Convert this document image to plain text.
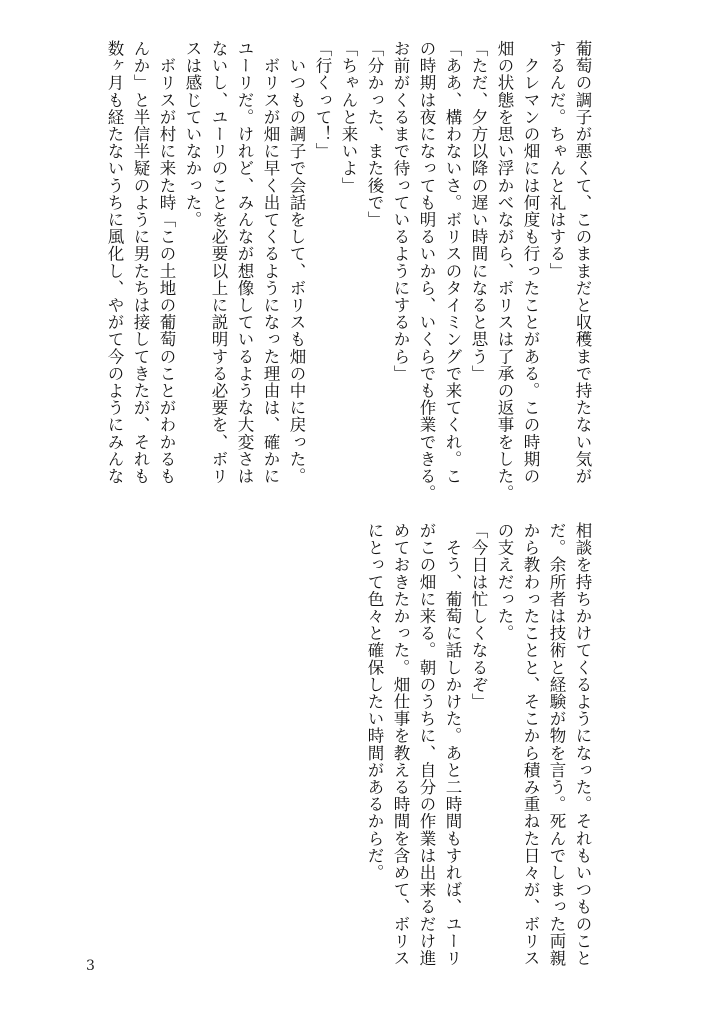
葡萄の調子が悪くて、このままだと収穫まで持たない気が
するんだ。ちゃんと礼はする」
　クレマンの畑には何度も行ったことがある。この時期の
畑の状態を思い浮かべながら、ボリスは了承の返事をした。
「ただ、夕方以降の遅い時間になると思う」
「ああ、構わないさ。ボリスのタイミングで来てくれ。こ
の時期は夜になっても明るいから、いくらでも作業できる。
お前がくるまで待っているようにするから」
「分かった、また後で」
「ちゃんと来いよ」
「行くって！」
　いつもの調子で会話をして、ボリスも畑の中に戻った。
　ボリスが畑に早く出てくるようになった理由は、確かに
ユーリだ。けれど、みんなが想像しているような大変さは
ないし、ユーリのことを必要以上に説明する必要を、ボリ
スは感じていなかった。
　ボリスが村に来た時「この土地の葡萄のことがわかるも
んか」と半信半疑のように男たちは接してきたが、それも
数ヶ月も経たないうちに風化し、やがて今のようにみんな
相談を持ちかけてくるようになった。それもいつものこと
だ。余所者は技術と経験が物を言う。死んでしまった両親
から教わったことと、そこから積み重ねた日々が、ボリス
の支えだった。
「今日は忙しくなるぞ」
　そう、葡萄に話しかけた。あと二時間もすれば、ユーリ
がこの畑に来る。朝のうちに、自分の作業は出来るだけ進
めておきたかった。畑仕事を教える時間を含めて、ボリス
にとって色々と確保したい時間があるからだ。
3
